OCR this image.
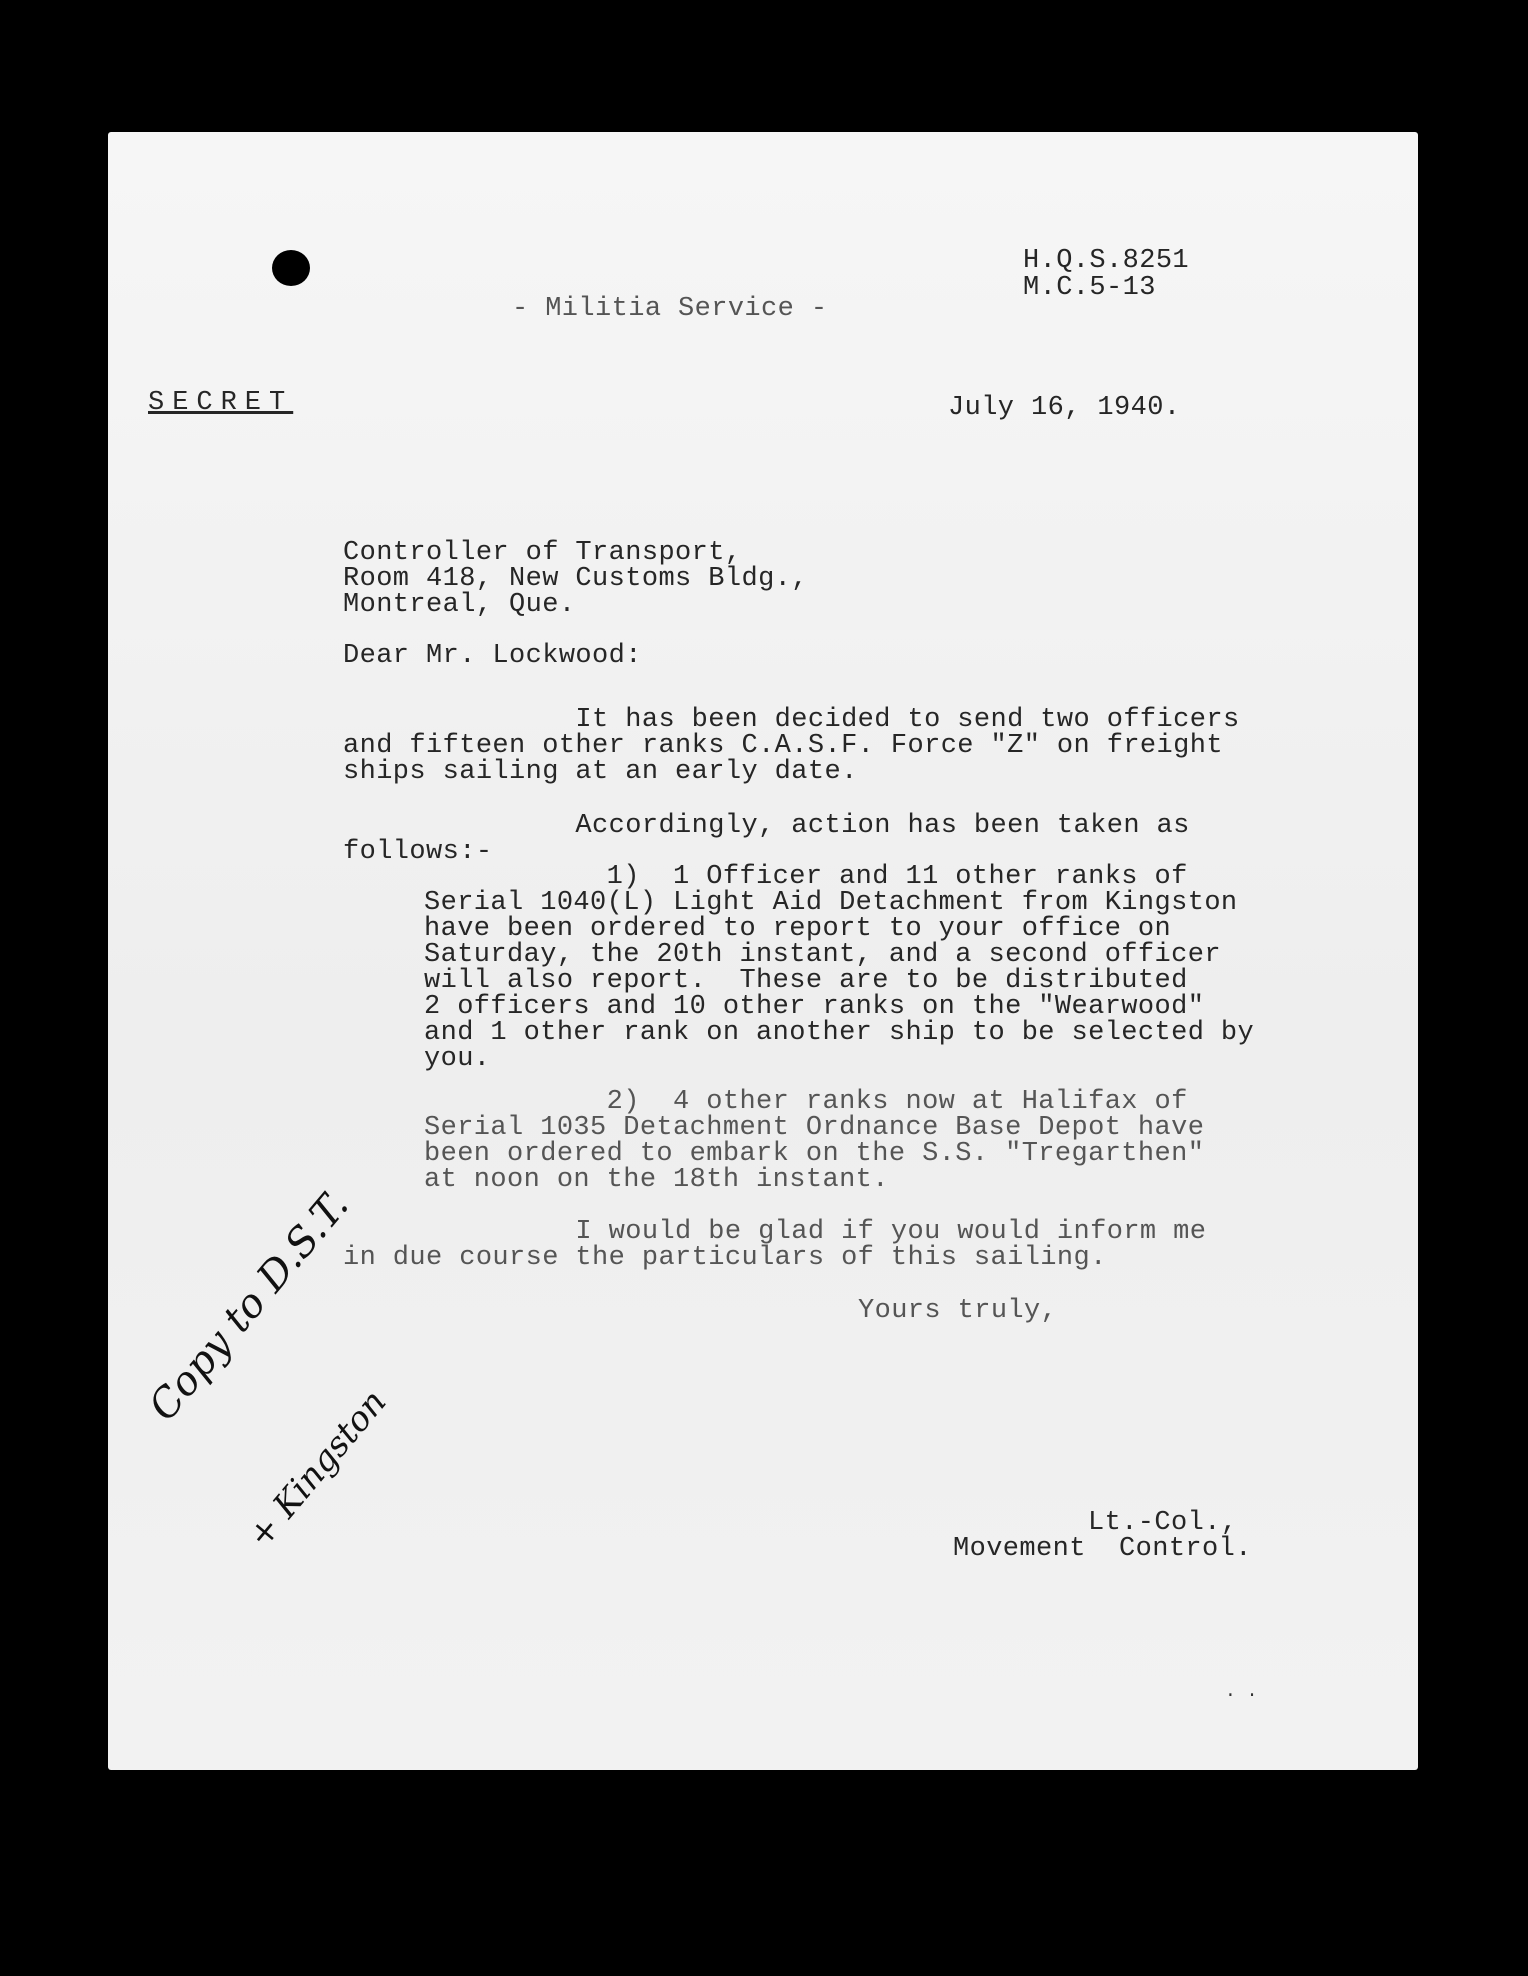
H.Q.S.8251
M.C.5-13
- Militia Service -
SECRET	July 16, 1940.
Controller of Transport,
Room 418, New Customs Bldg.,
Montreal, Que.
Dear Mr. Lockwood:
It has been decided to send two officers
and fifteen other ranks C.A.S.F. Force "Z" on freight
ships sailing at an early date.
Accordingly, action has been taken as
follows:-
1)  1 Officer and 11 other ranks of
Serial 1040(L) Light Aid Detachment from Kingston
have been ordered to report to your office on
Saturday, the 20th instant, and a second officer
will also report.  These are to be distributed
2 officers and 10 other ranks on the "Wearwood"
and 1 other rank on another ship to be selected by
you.
2)  4 other ranks now at Halifax of
Serial 1035 Detachment Ordnance Base Depot have
been ordered to embark on the S.S. "Tregarthen"
at noon on the 18th instant.
I would be glad if you would inform me
in due course the particulars of this sailing.
Yours truly,
Lt.-Col.,
Movement  Control.
Copy to D.S.T.
+ Kingston
· ·
